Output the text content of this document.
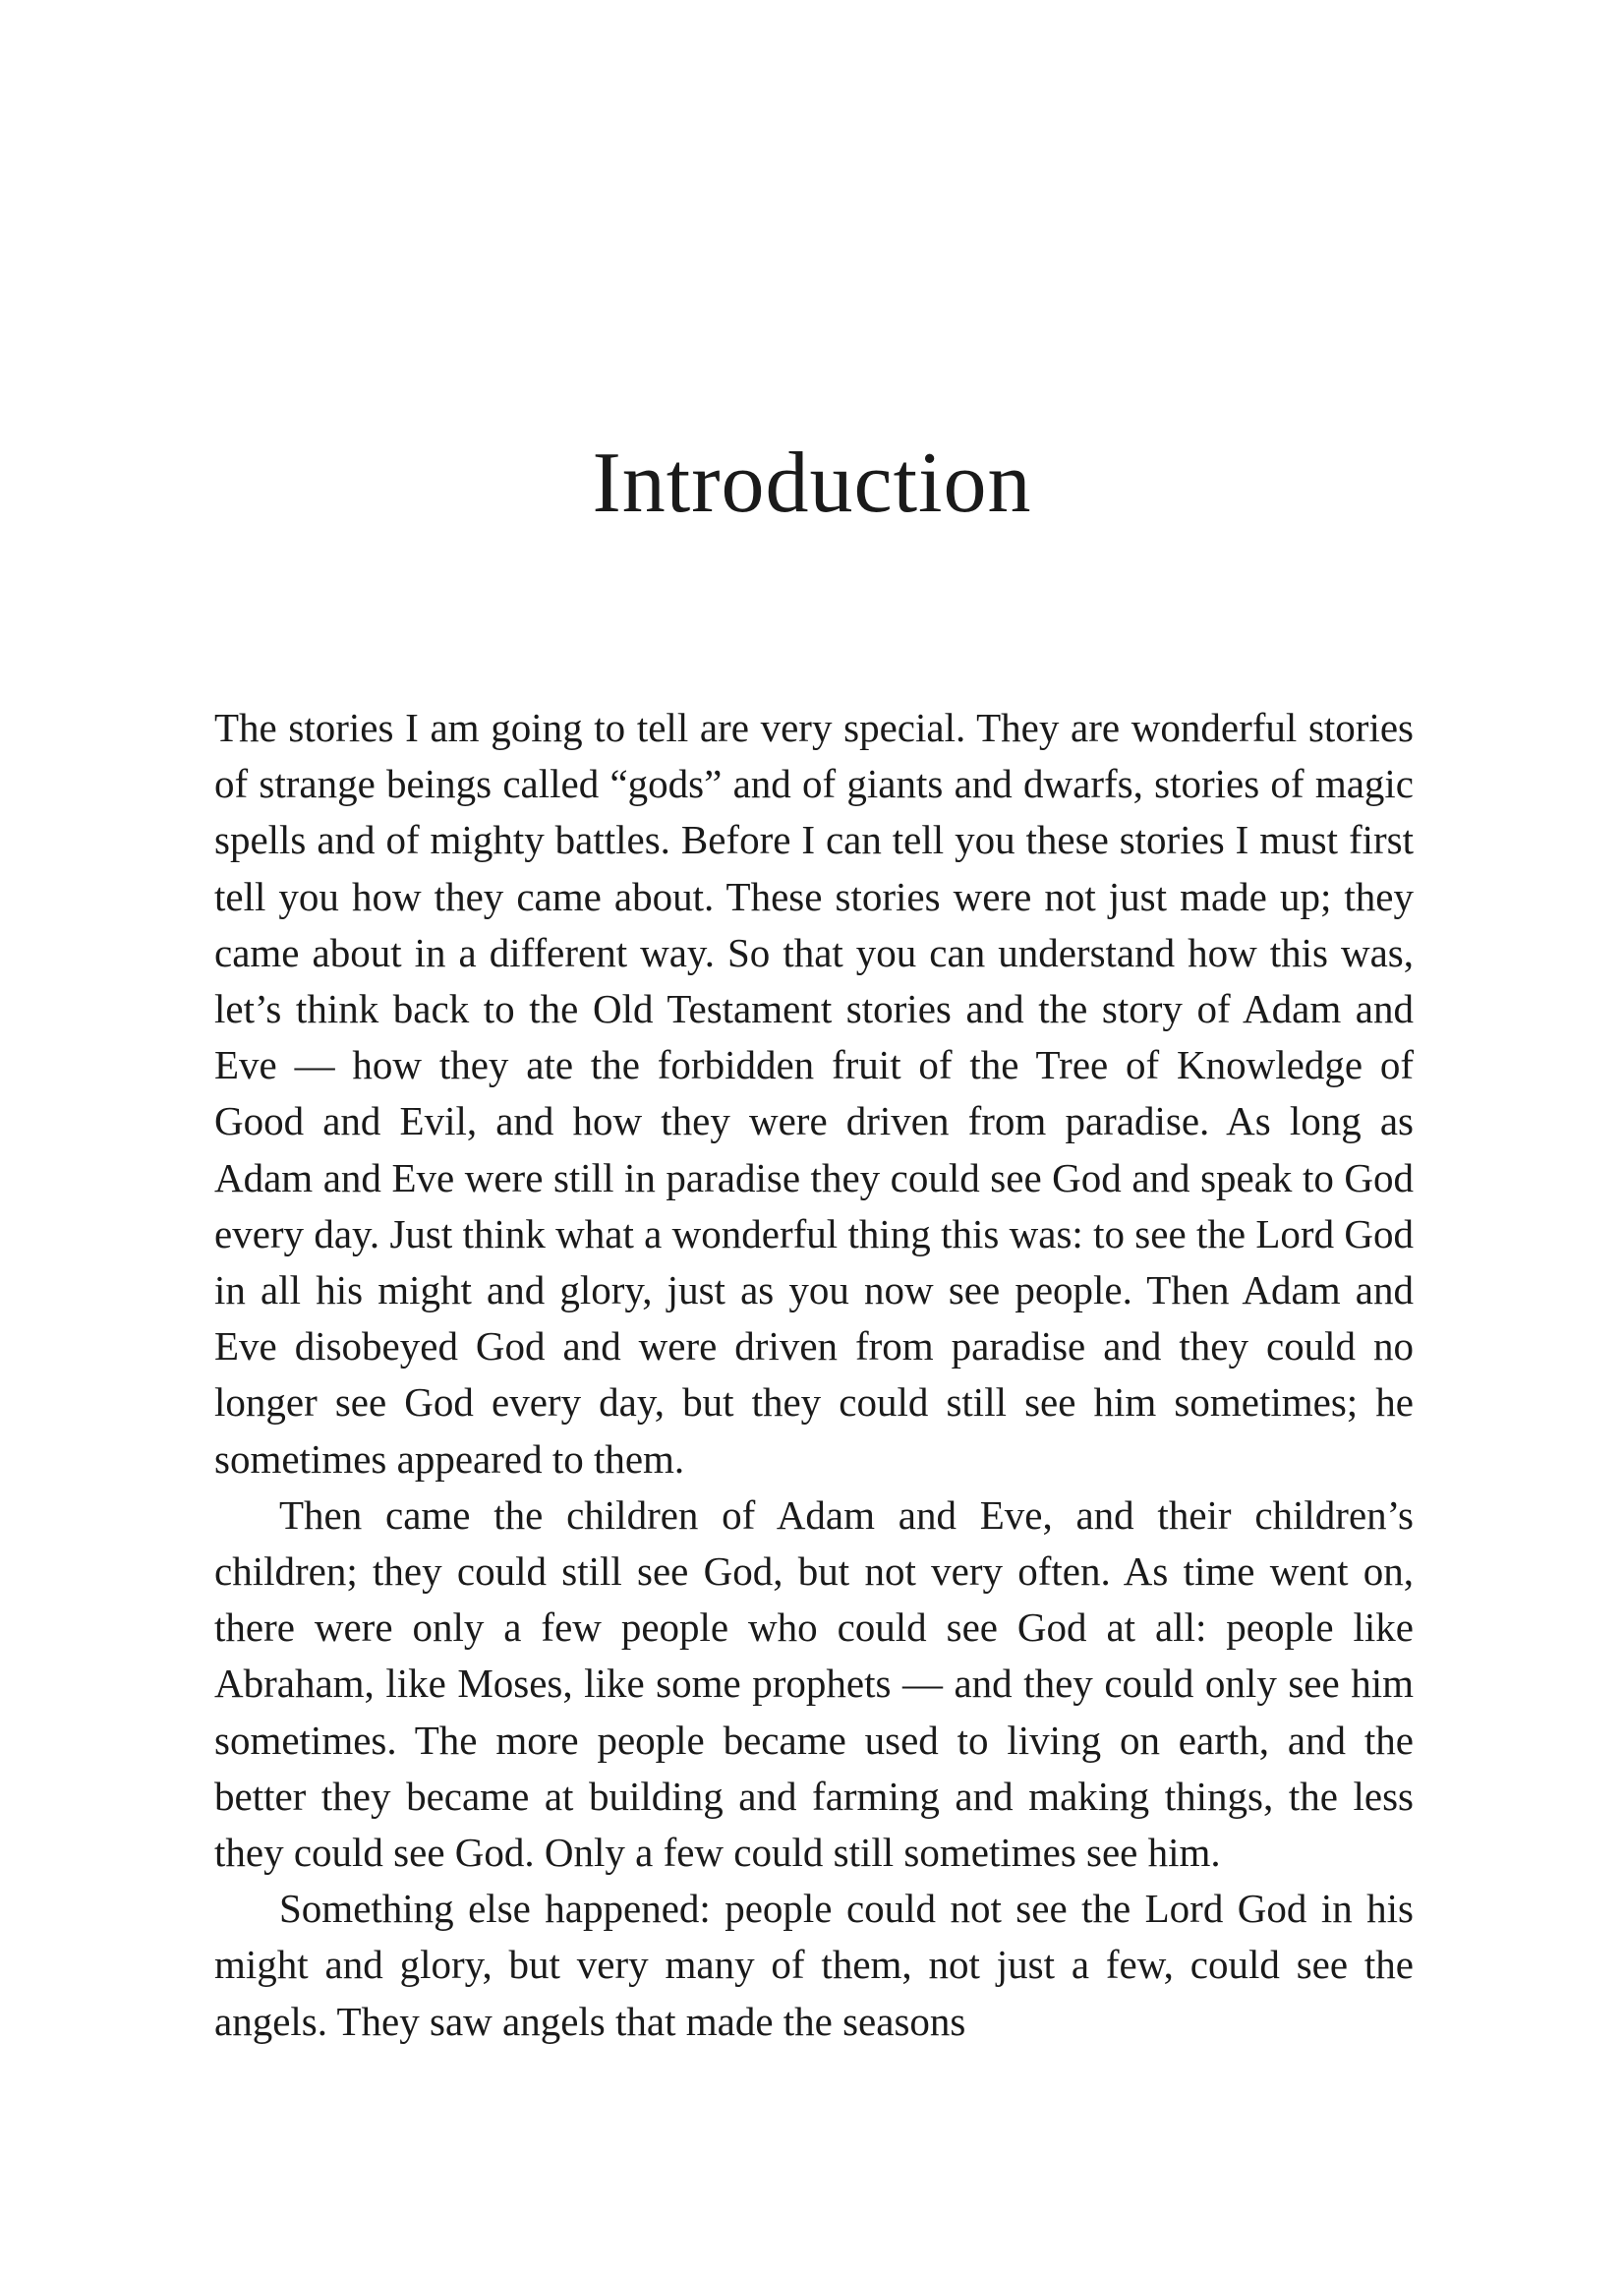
Introduction

The stories I am going to tell are very special. They are wonderful stories of strange beings called “gods” and of giants and dwarfs, stories of magic spells and of mighty battles. Before I can tell you these stories I must first tell you how they came about. These stories were not just made up; they came about in a different way. So that you can understand how this was, let’s think back to the Old Testament stories and the story of Adam and Eve — how they ate the forbidden fruit of the Tree of Knowledge of Good and Evil, and how they were driven from paradise. As long as Adam and Eve were still in paradise they could see God and speak to God every day. Just think what a wonderful thing this was: to see the Lord God in all his might and glory, just as you now see people. Then Adam and Eve disobeyed God and were driven from paradise and they could no longer see God every day, but they could still see him sometimes; he sometimes appeared to them.

Then came the children of Adam and Eve, and their children’s children; they could still see God, but not very often. As time went on, there were only a few people who could see God at all: people like Abraham, like Moses, like some prophets — and they could only see him sometimes. The more people became used to living on earth, and the better they became at building and farming and making things, the less they could see God. Only a few could still sometimes see him.

Something else happened: people could not see the Lord God in his might and glory, but very many of them, not just a few, could see the angels. They saw angels that made the seasons
